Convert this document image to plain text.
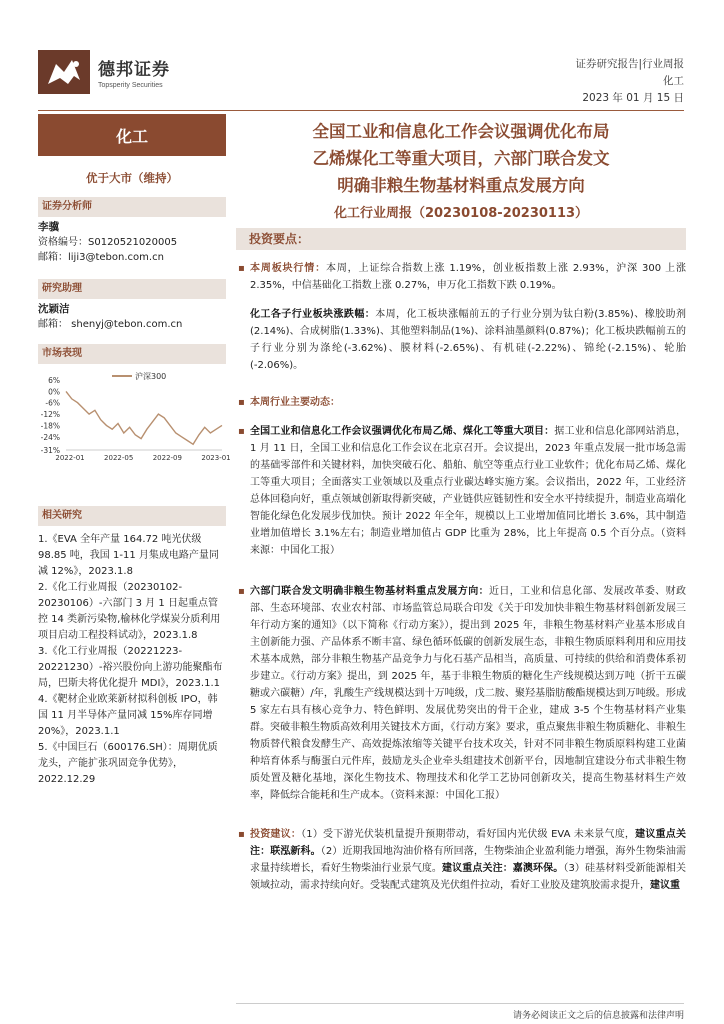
德邦证券
Topsperity Securities
证券研究报告|行业周报
化工
2023 年 01 月 15 日
化工
优于大市（维持）
证券分析师
李骥
资格编号：S0120521020005
邮箱：liji3@tebon.com.cn
研究助理
沈颖洁
邮箱： shenyj@tebon.com.cn
市场表现
沪深300
6%
0%
-6%
-12%
-18%
-24%
-31%
2022-01	2022-05	2022-09	2023-01
相关研究
1.《EVA 全年产量 164.72 吨光伏级 98.85 吨，我国 1-11 月集成电路产量同减 12%》，2023.1.8
2.《化工行业周报（20230102-20230106）-六部门 3 月 1 日起重点管控 14 类新污染物,榆林化学煤炭分质利用项目启动工程投料试动》，2023.1.8
3.《化工行业周报（20221223-20221230）-裕兴股份向上游功能聚酯布局，巴斯夫将优化提升 MDI》，2023.1.1
4.《靶材企业欧莱新材拟科创板 IPO，韩国 11 月半导体产量同减 15%库存同增 20%》，2023.1.1
5.《中国巨石（600176.SH）：周期优质龙头，产能扩张巩固竞争优势》，2022.12.29
全国工业和信息化工作会议强调优化布局
乙烯煤化工等重大项目，六部门联合发文
明确非粮生物基材料重点发展方向
化工行业周报（20230108-20230113）
投资要点：
▪ 本周板块行情：本周，上证综合指数上涨 1.19%，创业板指数上涨 2.93%，沪深 300 上涨 2.35%，中信基础化工指数上涨 0.27%，申万化工指数下跌 0.19%。
化工各子行业板块涨跌幅：本周，化工板块涨幅前五的子行业分别为钛白粉(3.85%)、橡胶助剂(2.14%)、合成树脂(1.33%)、其他塑料制品(1%)、涂料油墨颜料(0.87%)；化工板块跌幅前五的子行业分别为涤纶(-3.62%)、膜材料(-2.65%)、有机硅(-2.22%)、锦纶(-2.15%)、轮胎(-2.06%)。
▪ 本周行业主要动态：
▪ 全国工业和信息化工作会议强调优化布局乙烯、煤化工等重大项目：据工业和信息化部网站消息，1 月 11 日，全国工业和信息化工作会议在北京召开。会议提出，2023 年重点发展一批市场急需的基础零部件和关键材料，加快突破石化、船舶、航空等重点行业工业软件；优化布局乙烯、煤化工等重大项目；全面落实工业领域以及重点行业碳达峰实施方案。会议指出，2022 年，工业经济总体回稳向好，重点领域创新取得新突破，产业链供应链韧性和安全水平持续提升，制造业高端化智能化绿色化发展步伐加快。预计 2022 年全年，规模以上工业增加值同比增长 3.6%，其中制造业增加值增长 3.1%左右；制造业增加值占 GDP 比重为 28%，比上年提高 0.5 个百分点。（资料来源：中国化工报）
▪ 六部门联合发文明确非粮生物基材料重点发展方向：近日，工业和信息化部、发展改革委、财政部、生态环境部、农业农村部、市场监管总局联合印发《关于印发加快非粮生物基材料创新发展三年行动方案的通知》（以下简称《行动方案》），提出到 2025 年，非粮生物基材料产业基本形成自主创新能力强、产品体系不断丰富、绿色循环低碳的创新发展生态，非粮生物质原料利用和应用技术基本成熟，部分非粮生物基产品竞争力与化石基产品相当，高质量、可持续的供给和消费体系初步建立。《行动方案》提出，到 2025 年，基于非粮生物质的糖化生产线规模达到万吨（折干五碳糖或六碳糖）/年，乳酸生产线规模达到十万吨级，戊二胺、聚羟基脂肪酸酯规模达到万吨级。形成 5 家左右具有核心竞争力、特色鲜明、发展优势突出的骨干企业，建成 3-5 个生物基材料产业集群。突破非粮生物质高效利用关键技术方面，《行动方案》要求，重点聚焦非粮生物质糖化、非粮生物质替代粮食发酵生产、高效提炼浓缩等关键平台技术攻关，针对不同非粮生物质原料构建工业菌种培育体系与酶蛋白元件库，鼓励龙头企业牵头组建技术创新平台，因地制宜建设分布式非粮生物质处置及糖化基地，深化生物技术、物理技术和化学工艺协同创新攻关，提高生物基材料生产效率，降低综合能耗和生产成本。（资料来源：中国化工报）
▪ 投资建议：（1）受下游光伏装机量提升预期带动，看好国内光伏级 EVA 未来景气度，建议重点关注：联泓新科。（2）近期我国地沟油价格有所回落，生物柴油企业盈利能力增强，海外生物柴油需求量持续增长，看好生物柴油行业景气度。建议重点关注：嘉澳环保。（3）硅基材料受新能源相关领域拉动，需求持续向好。受装配式建筑及光伏组件拉动，看好工业胶及建筑胶需求提升，建议重
请务必阅读正文之后的信息披露和法律声明
